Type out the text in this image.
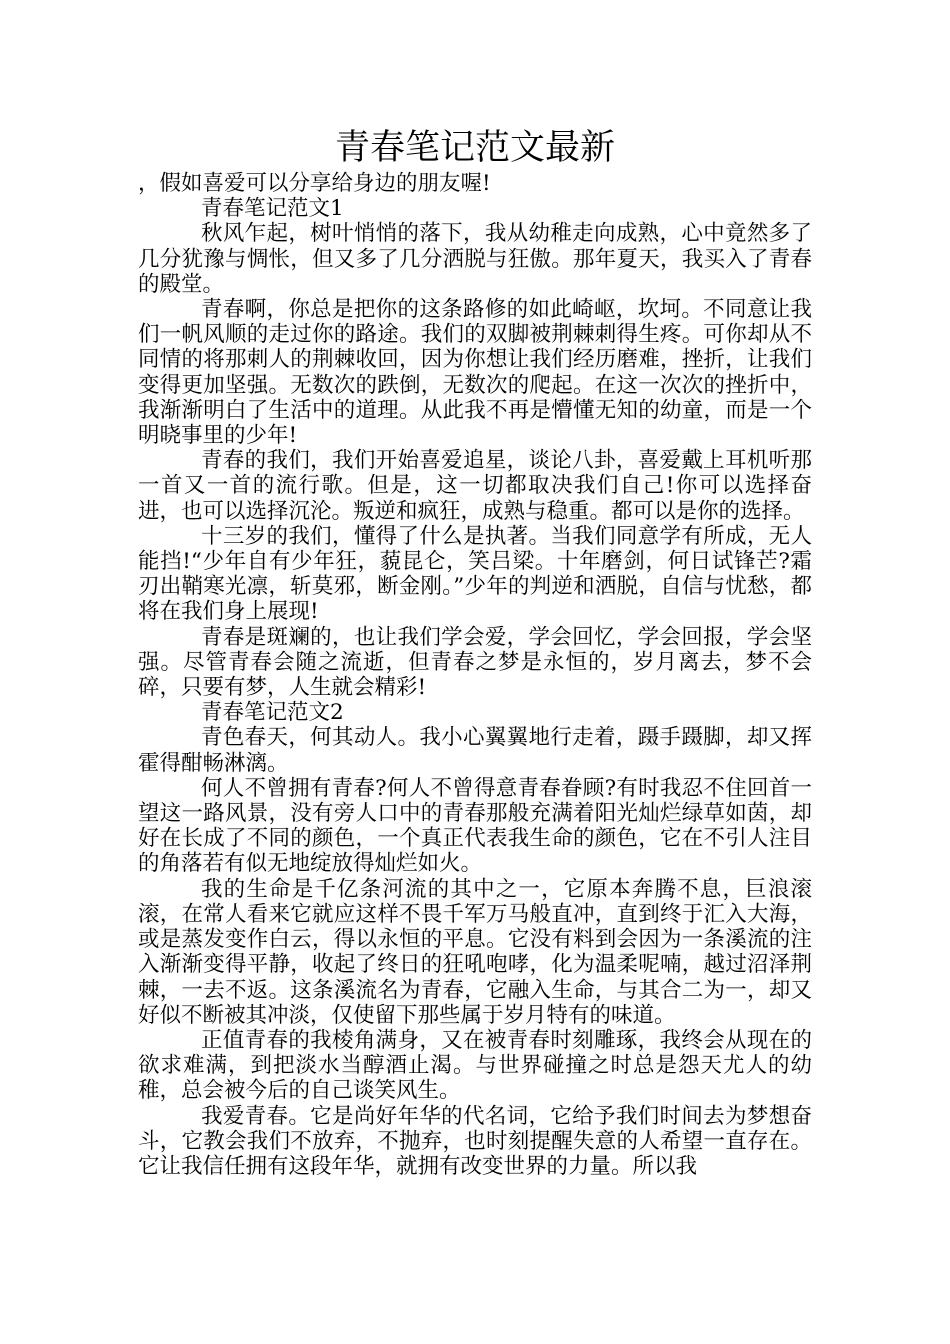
青春笔记范文最新

，假如喜爱可以分享给身边的朋友喔!

青春笔记范文1

秋风乍起，树叶悄悄的落下，我从幼稚走向成熟，心中竟然多了几分犹豫与惆怅，但又多了几分洒脱与狂傲。那年夏天，我买入了青春的殿堂。

青春啊，你总是把你的这条路修的如此崎岖，坎坷。不同意让我们一帆风顺的走过你的路途。我们的双脚被荆棘刺得生疼。可你却从不同情的将那刺人的荆棘收回，因为你想让我们经历磨难，挫折，让我们变得更加坚强。无数次的跌倒，无数次的爬起。在这一次次的挫折中，我渐渐明白了生活中的道理。从此我不再是懵懂无知的幼童，而是一个明晓事里的少年!

青春的我们，我们开始喜爱追星，谈论八卦，喜爱戴上耳机听那一首又一首的流行歌。但是，这一切都取决我们自己!你可以选择奋进，也可以选择沉沦。叛逆和疯狂，成熟与稳重。都可以是你的选择。

十三岁的我们，懂得了什么是执著。当我们同意学有所成，无人能挡!“少年自有少年狂，藐昆仑，笑吕梁。十年磨剑，何日试锋芒?霜刃出鞘寒光凛，斩莫邪，断金刚。”少年的判逆和洒脱，自信与忧愁，都将在我们身上展现!

青春是斑斓的，也让我们学会爱，学会回忆，学会回报，学会坚强。尽管青春会随之流逝，但青春之梦是永恒的，岁月离去，梦不会碎，只要有梦，人生就会精彩!

青春笔记范文2

青色春天，何其动人。我小心翼翼地行走着，蹑手蹑脚，却又挥霍得酣畅淋漓。

何人不曾拥有青春?何人不曾得意青春眷顾?有时我忍不住回首一望这一路风景，没有旁人口中的青春那般充满着阳光灿烂绿草如茵，却好在长成了不同的颜色，一个真正代表我生命的颜色，它在不引人注目的角落若有似无地绽放得灿烂如火。

我的生命是千亿条河流的其中之一，它原本奔腾不息，巨浪滚滚，在常人看来它就应这样不畏千军万马般直冲，直到终于汇入大海，或是蒸发变作白云，得以永恒的平息。它没有料到会因为一条溪流的注入渐渐变得平静，收起了终日的狂吼咆哮，化为温柔呢喃，越过沼泽荆棘，一去不返。这条溪流名为青春，它融入生命，与其合二为一，却又好似不断被其冲淡，仅使留下那些属于岁月特有的味道。

正值青春的我棱角满身，又在被青春时刻雕琢，我终会从现在的欲求难满，到把淡水当醇酒止渴。与世界碰撞之时总是怨天尤人的幼稚，总会被今后的自己谈笑风生。

我爱青春。它是尚好年华的代名词，它给予我们时间去为梦想奋斗，它教会我们不放弃，不抛弃，也时刻提醒失意的人希望一直存在。它让我信任拥有这段年华，就拥有改变世界的力量。所以我
